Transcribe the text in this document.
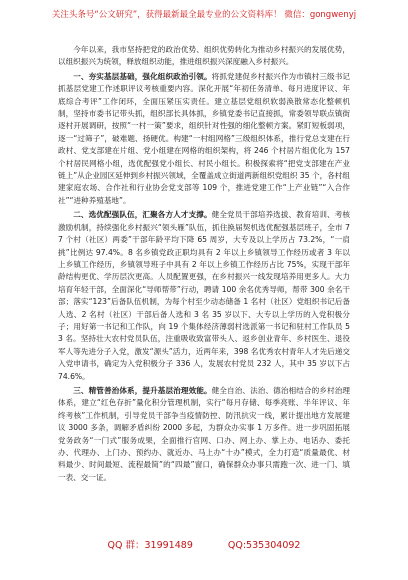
关注头条号“公文研究”，获得最新最全最专业的公文资料库！ 微信：gongwenyj

今年以来，我市坚持把党的政治优势、组织优势转化为推动乡村振兴的发展优势，以组织振兴为统领，释放组织动能，推进组织振兴深度融入乡村振兴。

一、夯实基层基础，强化组织政治引领。将抓党建促乡村振兴作为市镇村三级书记抓基层党建工作述职评议考核重要内容。深化开展“年初任务清单、每月进度评议、年底综合考评”工作闭环，全面压紧压实责任。建立基层党组织软弱涣散常态化整顿机制，坚持市委书记带头抓，组织部长具体抓，乡镇党委书记直接抓，常委领导联点镇街逐村开展调研，按照“一村一策”要求，组织针对性强的细化整顿方案。紧盯短板弱项，逐一“过筛子”，破难题、扬硬优。构建“一村组网格”三级组织体系，推行党总支建在行政村、党支部建在片组、党小组建在网格的组织架构，将 246 个村居片组优化为 157 个村居民网格小组，选优配强党小组长、村民小组长。积极探索将“把党支部建在产业链上”从企业园区延伸到乡村振兴领域，全覆盖成立街道两新组织党组织 35 个，各村组建家庭农场、合作社和行业协会党支部等 109 个，推进党建工作“上产业链”“入合作社”“进种养殖基地”。

二、选优配强队伍，汇聚各方人才支撑。健全党员干部培养选拔、教育培训、考核激励机制，持续强化乡村振兴“领头雁”队伍，抓住换届契机选优配强基层班子，全市 77 个村（社区）两委”干部年龄平均下降 65 周岁，大专及以上学历占 73.2%，“一肩挑”比例达 97.4%。8 名乡镇党政正职均具有 2 年以上乡镇领导工作经历或者 3 年以上乡镇工作经历，乡镇领导班子中具有 2 年以上乡镇工作经历占比 75%，实现干部年龄结构更优、学历层次更高。人员配置更强，在乡村振兴一线发现培养用更多人。大力培育年轻干部，全面深化“导师帮带”行动，聘请 100 余名优秀导师，帮带 300 余名干部；落实“123”后备队伍机制，为每个村至少动态储备 1 名村（社区）党组织书记后备人选、2 名村（社区）干部后备人选和 3 名 35 岁以下、大专以上学历的入党积极分子；用好第一书记和工作队，向 19 个集体经济薄弱村选派第一书记和驻村工作队员 53 名。坚持壮大农村党员队伍，注重吸收致富带头人、返乡创业青年、乡村医生、退役军人等先进分子入党，激发“源头”活力，近两年来，398 名优秀农村青年人才先后递交入党申请书，确定为入党积极分子 336 人，发展农村党员 232 人，其中 35 岁以下占 74.6%。

三、精管善治体系，提升基层治理效能。健全自治、法治、德治相结合的乡村治理体系，建立“红色存折”量化积分管理机制，实行“每月存储、每季亮账、半年评议、年终考核”工作机制，引导党员干部争当疫情防控、防汛抗灾一线，累计提出地方发展建议 3000 多条，调解矛盾纠纷 2000 多起，为群众办实事 1 万多件。进一步巩固拓展党务政务“一门式”服务成果，全面推行官网、口办、网上办、掌上办、电话办、委托办、代理办、上门办、预约办、就近办、马上办“十办”模式，全力打造“质量最优、材料最少、时间最短、流程最简”的“四最”窗口，确保群众办事只需跑一次、进一门、填一表、交一证。

QQ 群：31991489	QQ:535304092
